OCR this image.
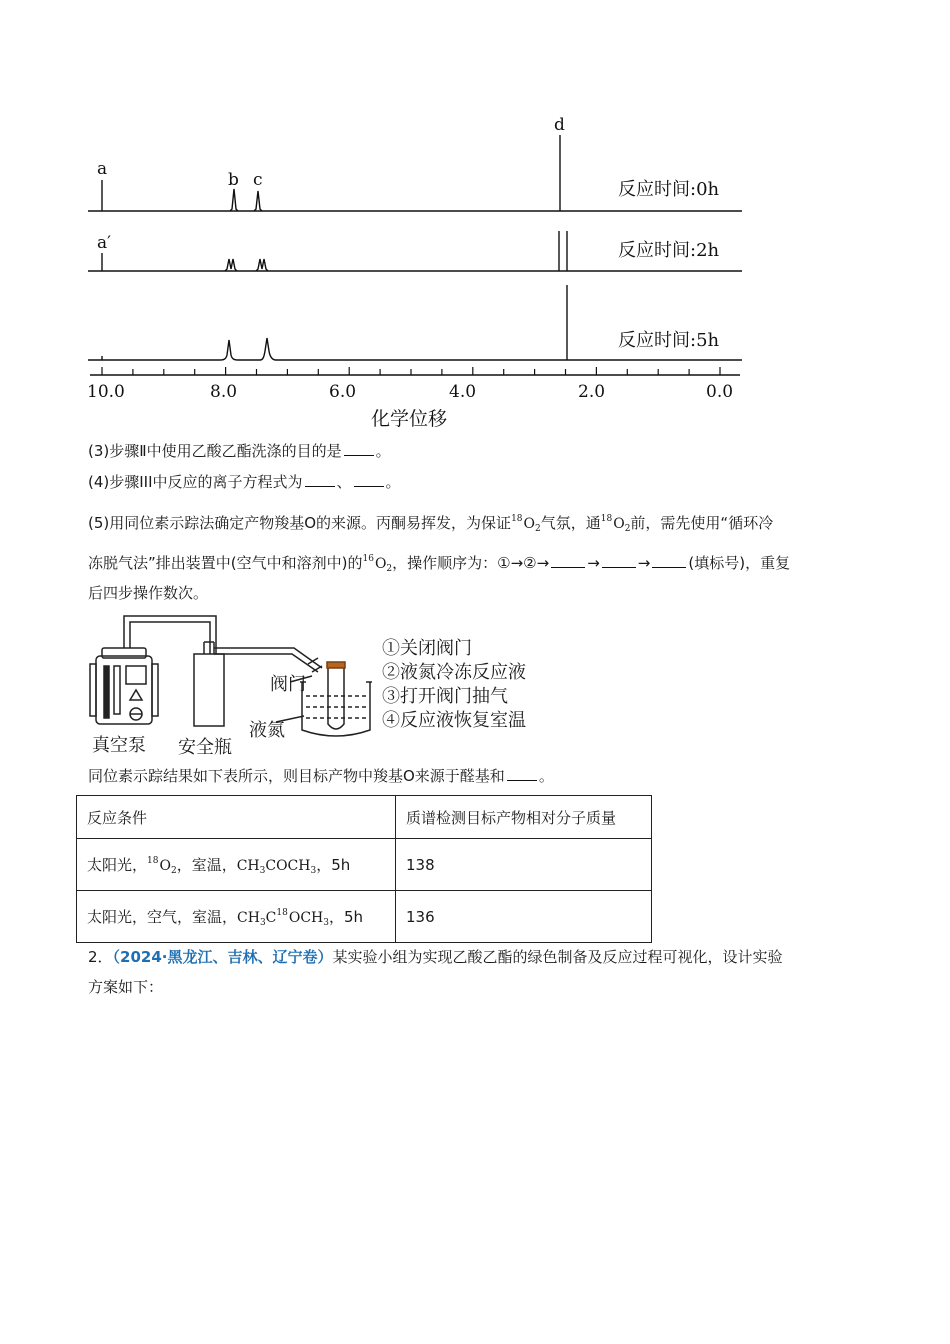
a
b c
d
a′
反应时间:0h
反应时间:2h
反应时间:5h
10.0	8.0	6.0	4.0	2.0	0.0
化学位移
(3)步骤Ⅱ中使用乙酸乙酯洗涤的目的是 。
(4)步骤III中反应的离子方程式为 、 。
(5)用同位素示踪法确定产物羧基O的来源。丙酮易挥发，为保证$^{18}O_2$气氛，通$^{18}O_2$前，需先使用“循环冷
冻脱气法”排出装置中(空气中和溶剂中)的$^{16}O_2$，操作顺序为：①→②→	→	→	(填标号)，重复
后四步操作数次。
真空泵 安全瓶
阀门
液氮
①关闭阀门
②液氮冷冻反应液
③打开阀门抽气
④反应液恢复室温
同位素示踪结果如下表所示，则目标产物中羧基O来源于醛基和 。
反应条件	质谱检测目标产物相对分子质量
太阳光，$^{18}O_2$，室温，$CH_3COCH_3$，5h	138
太阳光，空气，室温，$CH_3C^{18}OCH_3$，5h	136
2．（2024·黑龙江、吉林、辽宁卷）某实验小组为实现乙酸乙酯的绿色制备及反应过程可视化，设计实验
方案如下：
